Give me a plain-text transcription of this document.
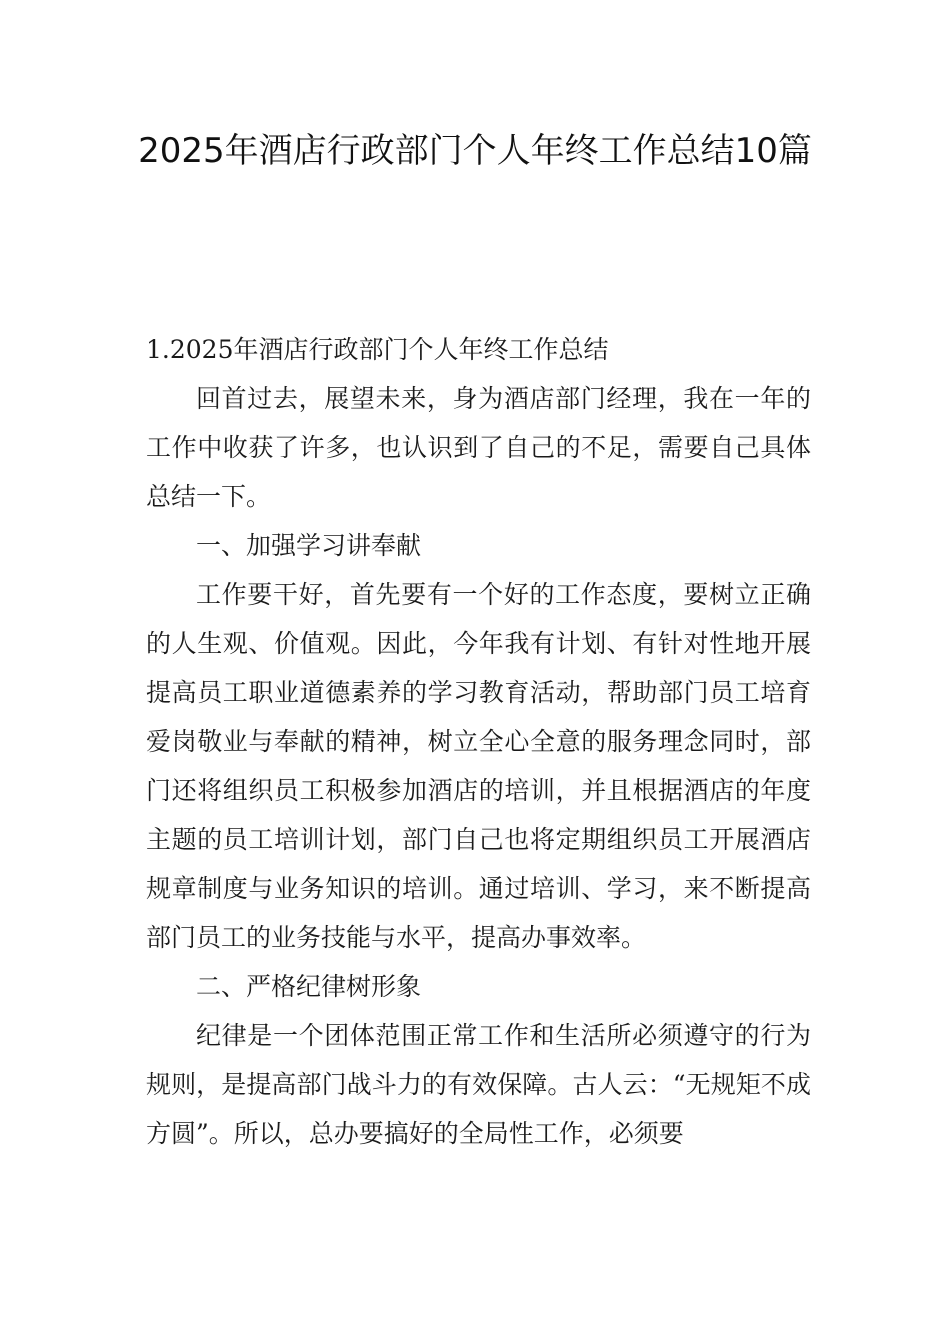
2025年酒店行政部门个人年终工作总结10篇

1.2025年酒店行政部门个人年终工作总结

回首过去，展望未来，身为酒店部门经理，我在一年的工作中收获了许多，也认识到了自己的不足，需要自己具体总结一下。

一、加强学习讲奉献

工作要干好，首先要有一个好的工作态度，要树立正确的人生观、价值观。因此，今年我有计划、有针对性地开展提高员工职业道德素养的学习教育活动，帮助部门员工培育爱岗敬业与奉献的精神，树立全心全意的服务理念同时，部门还将组织员工积极参加酒店的培训，并且根据酒店的年度主题的员工培训计划，部门自己也将定期组织员工开展酒店规章制度与业务知识的培训。通过培训、学习，来不断提高部门员工的业务技能与水平，提高办事效率。

二、严格纪律树形象

纪律是一个团体范围正常工作和生活所必须遵守的行为规则，是提高部门战斗力的有效保障。古人云：“无规矩不成方圆”。所以，总办要搞好的全局性工作，必须要
